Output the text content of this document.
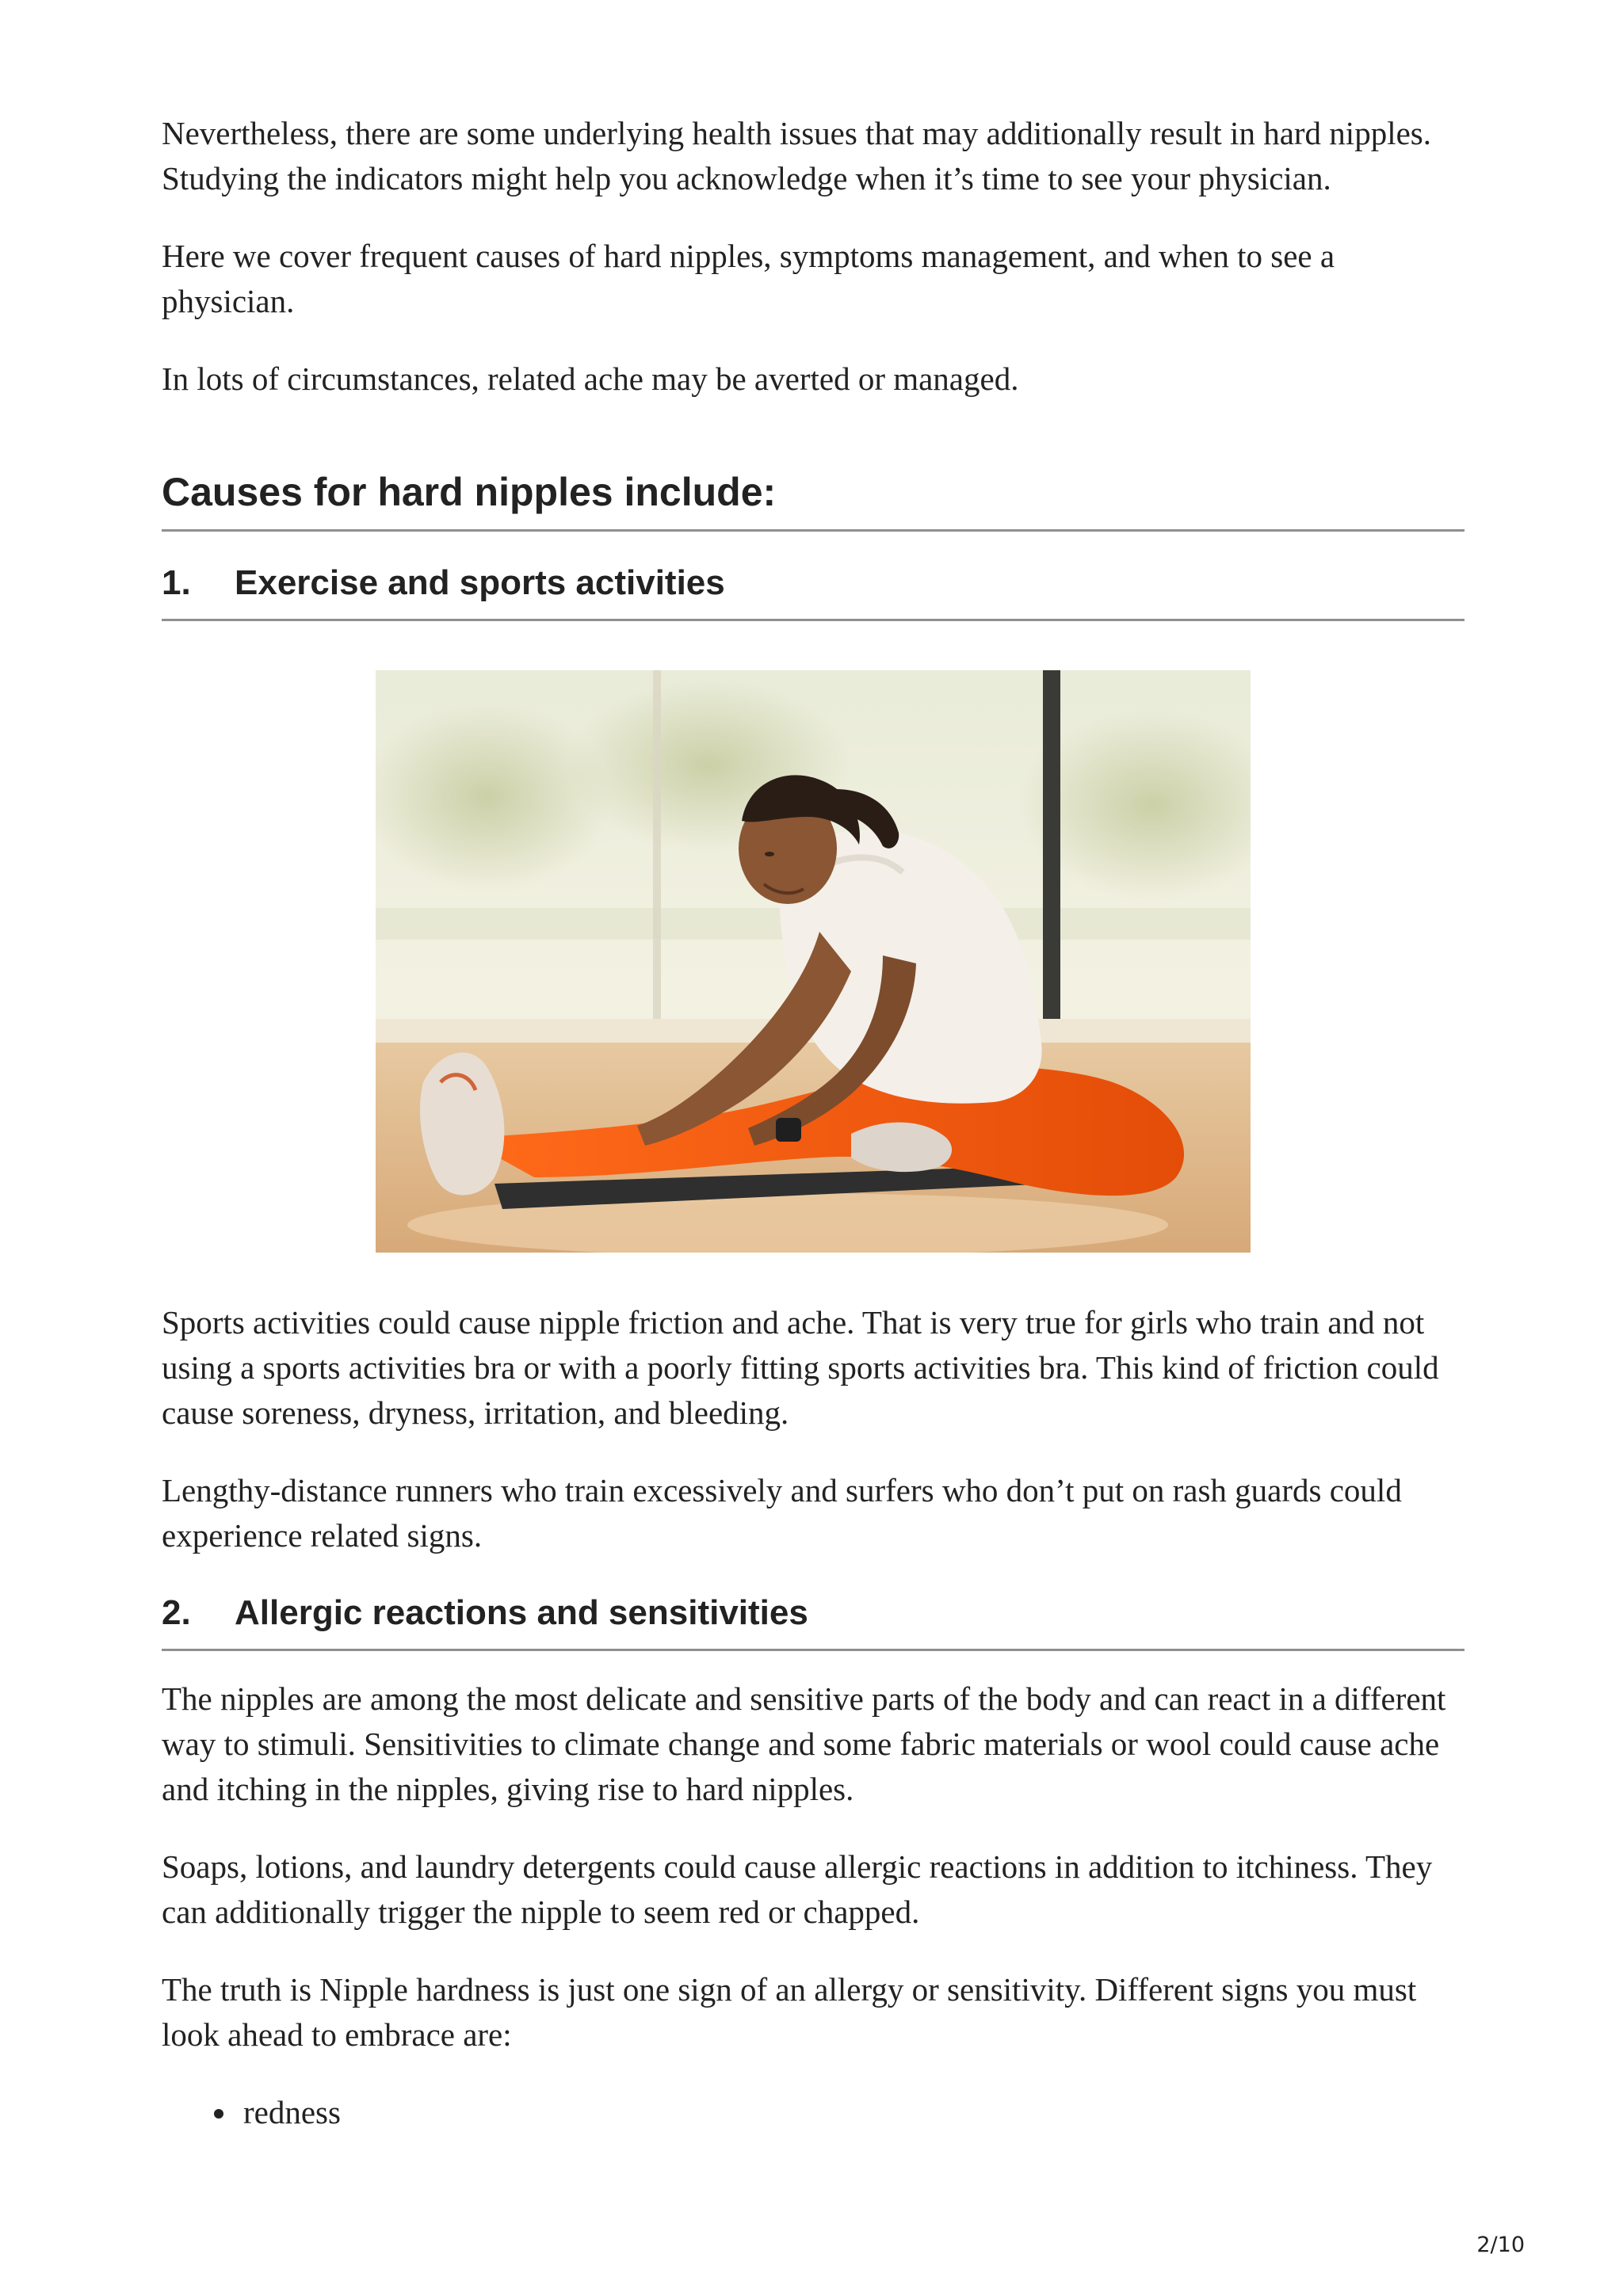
Nevertheless, there are some underlying health issues that may additionally result in hard nipples. Studying the indicators might help you acknowledge when it’s time to see your physician.

Here we cover frequent causes of hard nipples, symptoms management, and when to see a physician.

In lots of circumstances, related ache may be averted or managed.

Causes for hard nipples include:
1.	Exercise and sports activities

Sports activities could cause nipple friction and ache. That is very true for girls who train and not using a sports activities bra or with a poorly fitting sports activities bra. This kind of friction could cause soreness, dryness, irritation, and bleeding.

Lengthy-distance runners who train excessively and surfers who don’t put on rash guards could experience related signs.

2.	Allergic reactions and sensitivities

The nipples are among the most delicate and sensitive parts of the body and can react in a different way to stimuli. Sensitivities to climate change and some fabric materials or wool could cause ache and itching in the nipples, giving rise to hard nipples.

Soaps, lotions, and laundry detergents could cause allergic reactions in addition to itchiness. They can additionally trigger the nipple to seem red or chapped.

The truth is Nipple hardness is just one sign of an allergy or sensitivity. Different signs you must look ahead to embrace are:

redness
2/10
